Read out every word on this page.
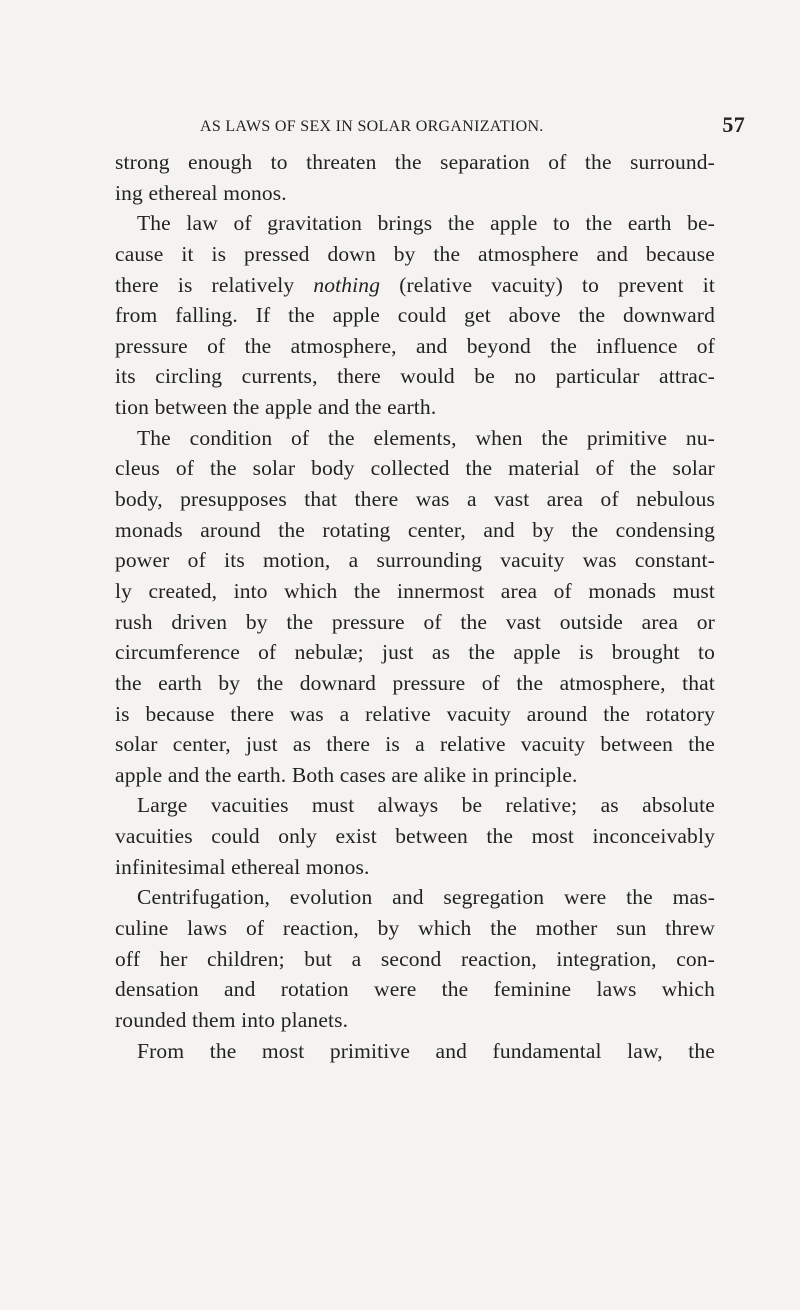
AS LAWS OF SEX IN SOLAR ORGANIZATION.	57
strong enough to threaten the separation of the surround-
ing ethereal monos.
The law of gravitation brings the apple to the earth be-
cause it is pressed down by the atmosphere and because
there is relatively nothing (relative vacuity) to prevent it
from falling. If the apple could get above the downward
pressure of the atmosphere, and beyond the influence of
its circling currents, there would be no particular attrac-
tion between the apple and the earth.
The condition of the elements, when the primitive nu-
cleus of the solar body collected the material of the solar
body, presupposes that there was a vast area of nebulous
monads around the rotating center, and by the condensing
power of its motion, a surrounding vacuity was constant-
ly created, into which the innermost area of monads must
rush driven by the pressure of the vast outside area or
circumference of nebulæ; just as the apple is brought to
the earth by the downard pressure of the atmosphere, that
is because there was a relative vacuity around the rotatory
solar center, just as there is a relative vacuity between the
apple and the earth. Both cases are alike in principle.
Large vacuities must always be relative; as absolute
vacuities could only exist between the most inconceivably
infinitesimal ethereal monos.
Centrifugation, evolution and segregation were the mas-
culine laws of reaction, by which the mother sun threw
off her children; but a second reaction, integration, con-
densation and rotation were the feminine laws which
rounded them into planets.
From the most primitive and fundamental law, the
